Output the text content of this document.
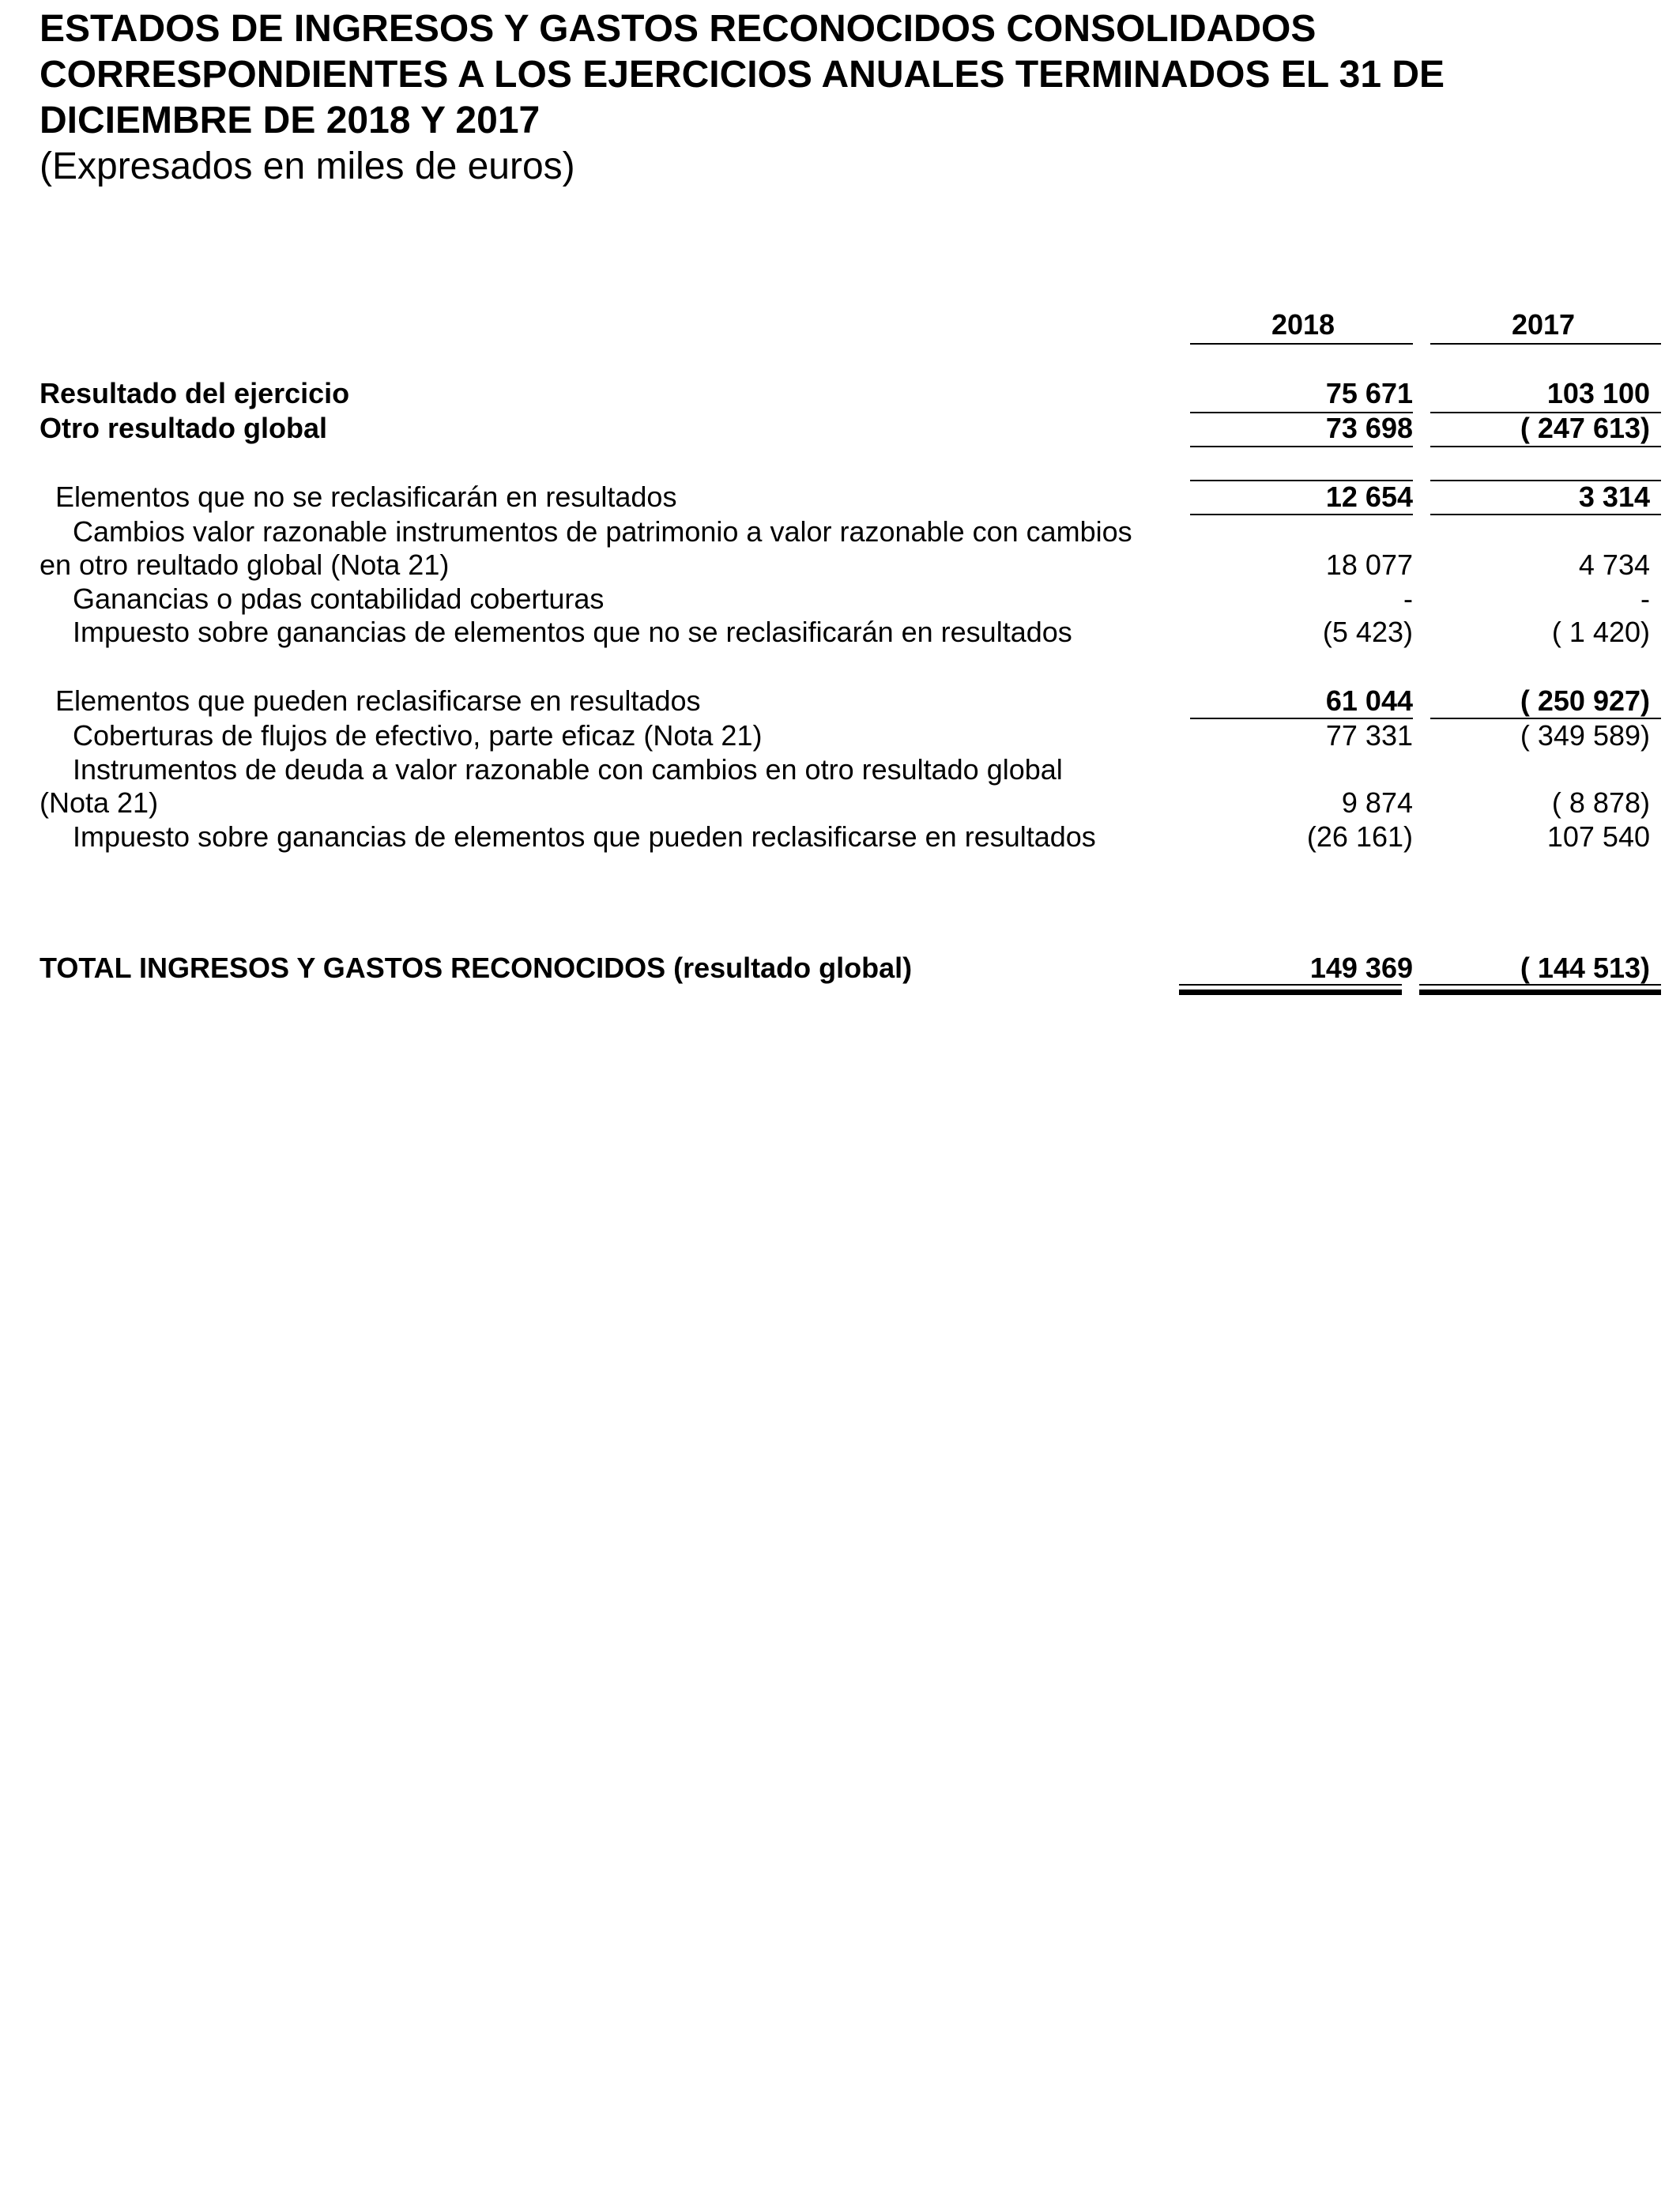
ESTADOS DE INGRESOS Y GASTOS RECONOCIDOS CONSOLIDADOS
CORRESPONDIENTES A LOS EJERCICIOS ANUALES TERMINADOS EL 31 DE
DICIEMBRE DE 2018 Y 2017
(Expresados en miles de euros)
2018	2017
Resultado del ejercicio	75 671	103 100
Otro resultado global	73 698	( 247 613)
Elementos que no se reclasificarán en resultados	12 654	3 314
Cambios valor razonable instrumentos de patrimonio a valor razonable con cambios
en otro reultado global (Nota 21)	18 077	4 734
Ganancias o pdas contabilidad coberturas	-	-
Impuesto sobre ganancias de elementos que no se reclasificarán en resultados	(5 423)	( 1 420)
Elementos que pueden reclasificarse en resultados	61 044	( 250 927)
Coberturas de flujos de efectivo, parte eficaz (Nota 21)	77 331	( 349 589)
Instrumentos de deuda a valor razonable con cambios en otro resultado global
(Nota 21)	9 874	( 8 878)
Impuesto sobre ganancias de elementos que pueden reclasificarse en resultados	(26 161)	107 540
TOTAL INGRESOS Y GASTOS RECONOCIDOS (resultado global)	149 369	( 144 513)
